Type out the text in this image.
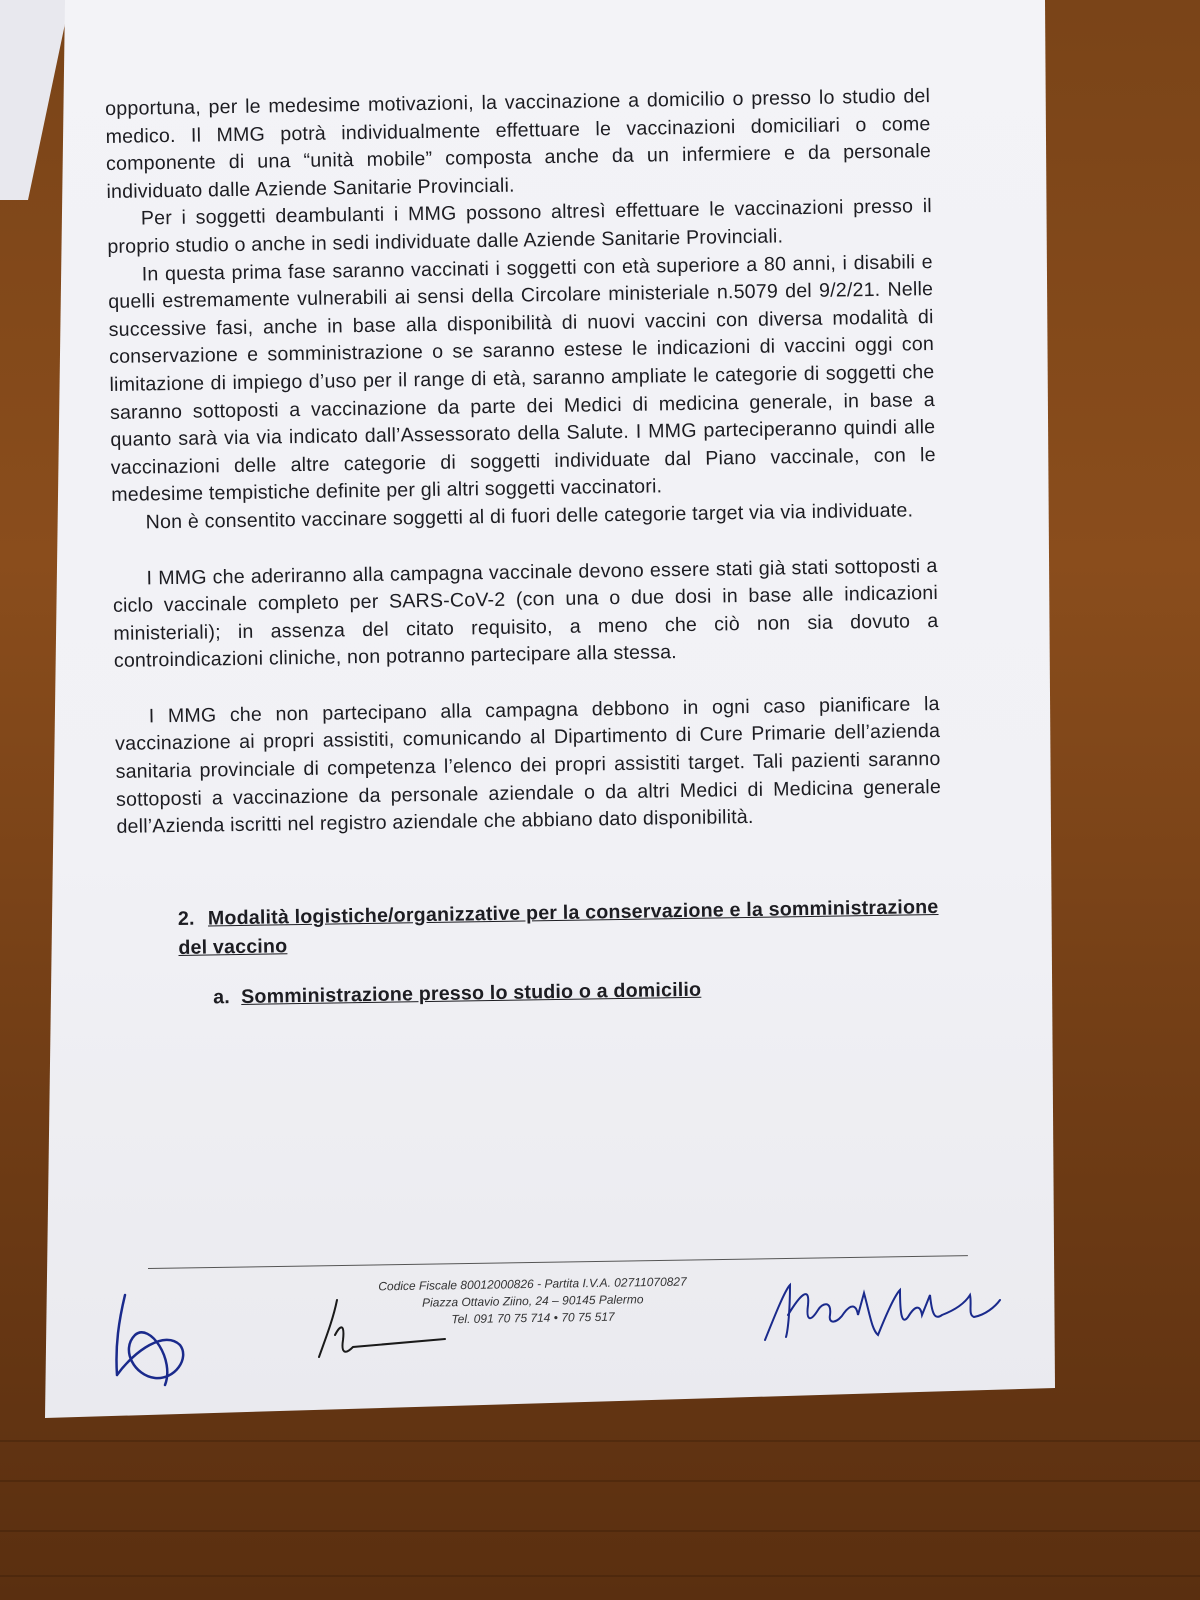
opportuna, per le medesime motivazioni, la vaccinazione a domicilio o presso lo studio del medico. Il MMG potrà individualmente effettuare le vaccinazioni domiciliari o come componente di una “unità mobile” composta anche da un infermiere e da personale individuato dalle Aziende Sanitarie Provinciali.

Per i soggetti deambulanti i MMG possono altresì effettuare le vaccinazioni presso il proprio studio o anche in sedi individuate dalle Aziende Sanitarie Provinciali.

In questa prima fase saranno vaccinati i soggetti con età superiore a 80 anni, i disabili e quelli estremamente vulnerabili ai sensi della Circolare ministeriale n.5079 del 9/2/21. Nelle successive fasi, anche in base alla disponibilità di nuovi vaccini con diversa modalità di conservazione e somministrazione o se saranno estese le indicazioni di vaccini oggi con limitazione di impiego d’uso per il range di età, saranno ampliate le categorie di soggetti che saranno sottoposti a vaccinazione da parte dei Medici di medicina generale, in base a quanto sarà via via indicato dall’Assessorato della Salute. I MMG parteciperanno quindi alle vaccinazioni delle altre categorie di soggetti individuate dal Piano vaccinale, con le medesime tempistiche definite per gli altri soggetti vaccinatori.

Non è consentito vaccinare soggetti al di fuori delle categorie target via via individuate.

I MMG che aderiranno alla campagna vaccinale devono essere stati già stati sottoposti a ciclo vaccinale completo per SARS-CoV-2 (con una o due dosi in base alle indicazioni ministeriali); in assenza del citato requisito, a meno che ciò non sia dovuto a controindicazioni cliniche, non potranno partecipare alla stessa.

I MMG che non partecipano alla campagna debbono in ogni caso pianificare la vaccinazione ai propri assistiti, comunicando al Dipartimento di Cure Primarie dell’azienda sanitaria provinciale di competenza l’elenco dei propri assistiti target. Tali pazienti saranno sottoposti a vaccinazione da personale aziendale o da altri Medici di Medicina generale dell’Azienda iscritti nel registro aziendale che abbiano dato disponibilità.

2. Modalità logistiche/organizzative per la conservazione e la somministrazione del vaccino
a. Somministrazione presso lo studio o a domicilio
Codice Fiscale 80012000826 - Partita I.V.A. 02711070827
Piazza Ottavio Ziino, 24 – 90145 Palermo
Tel. 091 70 75 714 • 70 75 517
